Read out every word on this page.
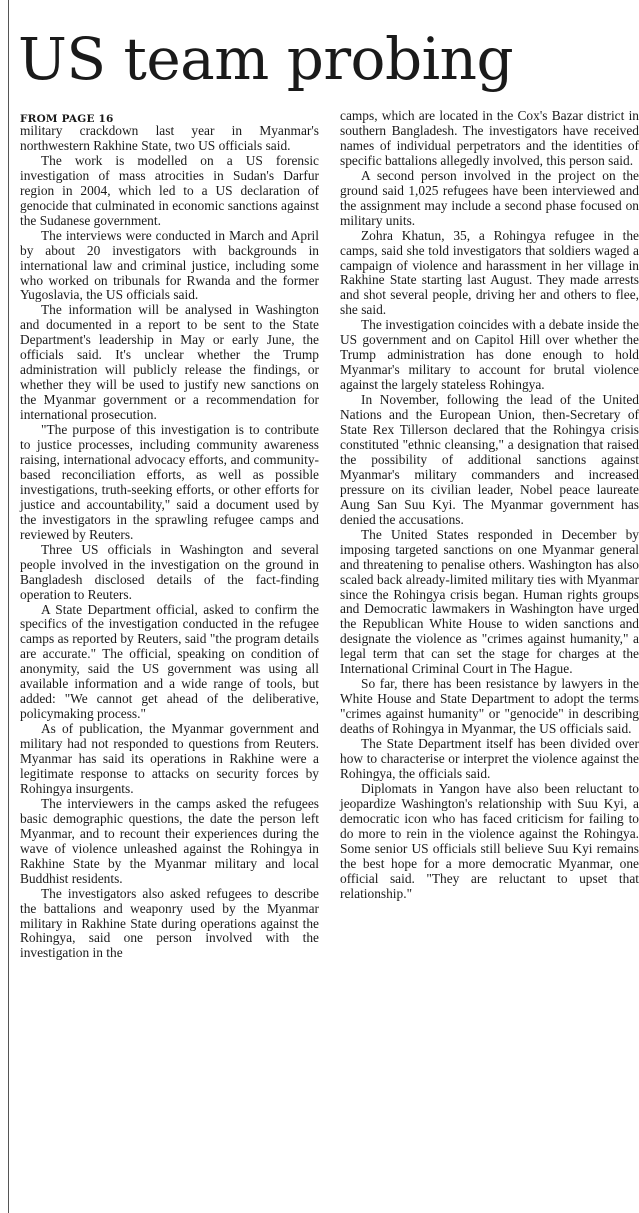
US team probing
FROM PAGE 16

military crackdown last year in Myanmar's northwestern Rakhine State, two US officials said.

The work is modelled on a US forensic investigation of mass atrocities in Sudan's Darfur region in 2004, which led to a US declaration of genocide that culminated in economic sanctions against the Sudanese government.

The interviews were conducted in March and April by about 20 investigators with backgrounds in international law and criminal justice, including some who worked on tribunals for Rwanda and the former Yugoslavia, the US officials said.

The information will be analysed in Washington and documented in a report to be sent to the State Department's leadership in May or early June, the officials said. It's unclear whether the Trump administration will publicly release the findings, or whether they will be used to justify new sanctions on the Myanmar government or a recommendation for international prosecution.

"The purpose of this investigation is to contribute to justice processes, including community awareness raising, international advocacy efforts, and community-based reconciliation efforts, as well as possible investigations, truth-seeking efforts, or other efforts for justice and accountability," said a document used by the investigators in the sprawling refugee camps and reviewed by Reuters.

Three US officials in Washington and several people involved in the investigation on the ground in Bangladesh disclosed details of the fact-finding operation to Reuters.

A State Department official, asked to confirm the specifics of the investigation conducted in the refugee camps as reported by Reuters, said "the program details are accurate." The official, speaking on condition of anonymity, said the US government was using all available information and a wide range of tools, but added: "We cannot get ahead of the deliberative, policymaking process."

As of publication, the Myanmar government and military had not responded to questions from Reuters. Myanmar has said its operations in Rakhine were a legitimate response to attacks on security forces by Rohingya insurgents.

The interviewers in the camps asked the refugees basic demographic questions, the date the person left Myanmar, and to recount their experiences during the wave of violence unleashed against the Rohingya in Rakhine State by the Myanmar military and local Buddhist residents.

The investigators also asked refugees to describe the battalions and weaponry used by the Myanmar military in Rakhine State during operations against the Rohingya, said one person involved with the investigation in the

camps, which are located in the Cox's Bazar district in southern Bangladesh. The investigators have received names of individual perpetrators and the identities of specific battalions allegedly involved, this person said.

A second person involved in the project on the ground said 1,025 refugees have been interviewed and the assignment may include a second phase focused on military units.

Zohra Khatun, 35, a Rohingya refugee in the camps, said she told investigators that soldiers waged a campaign of violence and harassment in her village in Rakhine State starting last August. They made arrests and shot several people, driving her and others to flee, she said.

The investigation coincides with a debate inside the US government and on Capitol Hill over whether the Trump administration has done enough to hold Myanmar's military to account for brutal violence against the largely stateless Rohingya.

In November, following the lead of the United Nations and the European Union, then-Secretary of State Rex Tillerson declared that the Rohingya crisis constituted "ethnic cleansing," a designation that raised the possibility of additional sanctions against Myanmar's military commanders and increased pressure on its civilian leader, Nobel peace laureate Aung San Suu Kyi. The Myanmar government has denied the accusations.

The United States responded in December by imposing targeted sanctions on one Myanmar general and threatening to penalise others. Washington has also scaled back already-limited military ties with Myanmar since the Rohingya crisis began. Human rights groups and Democratic lawmakers in Washington have urged the Republican White House to widen sanctions and designate the violence as "crimes against humanity," a legal term that can set the stage for charges at the International Criminal Court in The Hague.

So far, there has been resistance by lawyers in the White House and State Department to adopt the terms "crimes against humanity" or "genocide" in describing deaths of Rohingya in Myanmar, the US officials said.

The State Department itself has been divided over how to characterise or interpret the violence against the Rohingya, the officials said.

Diplomats in Yangon have also been reluctant to jeopardize Washington's relationship with Suu Kyi, a democratic icon who has faced criticism for failing to do more to rein in the violence against the Rohingya. Some senior US officials still believe Suu Kyi remains the best hope for a more democratic Myanmar, one official said. "They are reluctant to upset that relationship."
